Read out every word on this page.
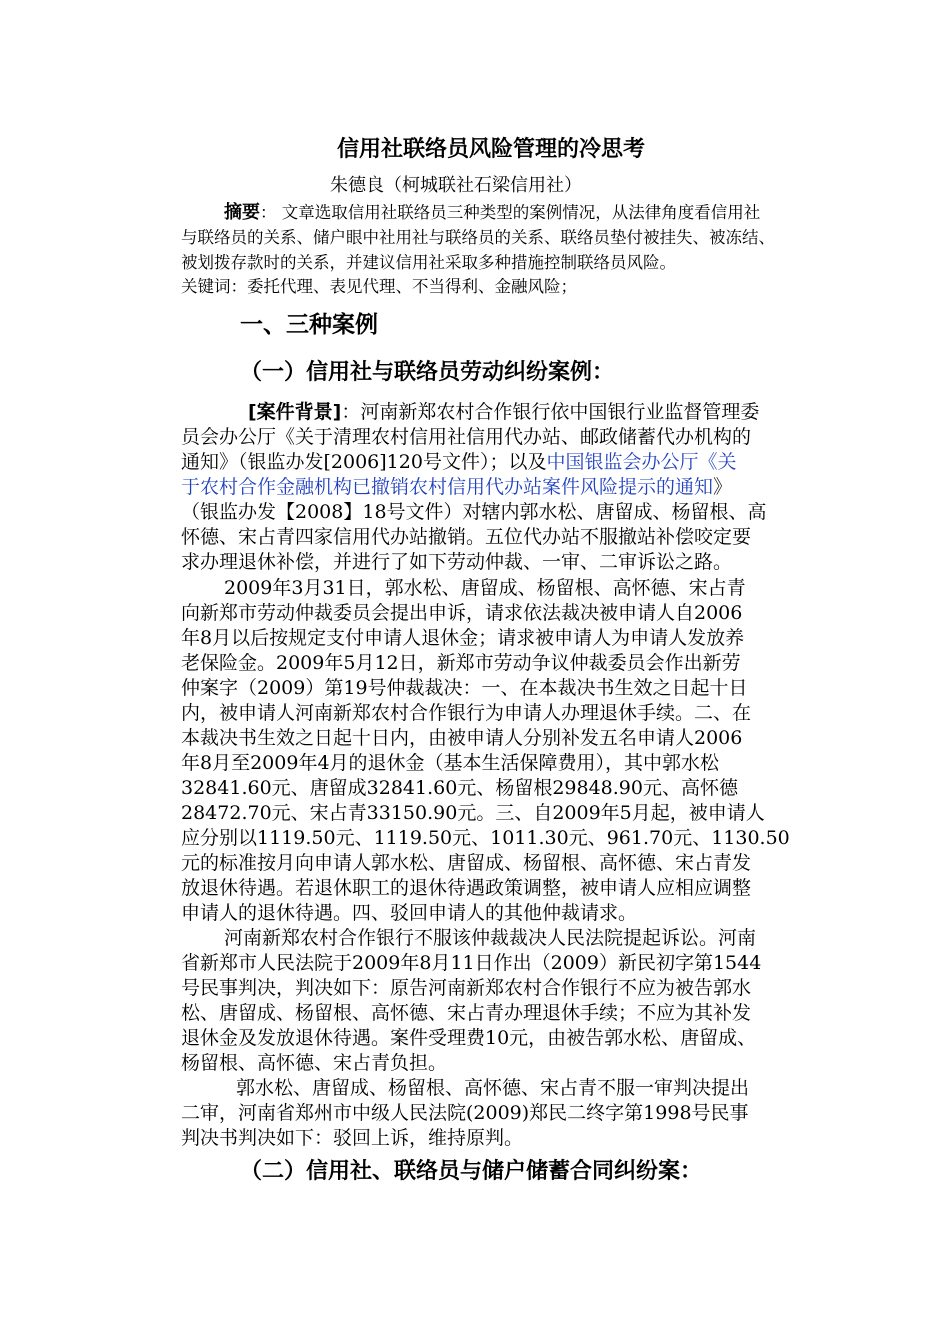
信用社联络员风险管理的冷思考
朱德良（柯城联社石梁信用社）
摘要： 文章选取信用社联络员三种类型的案例情况，从法律角度看信用社
与联络员的关系、储户眼中社用社与联络员的关系、联络员垫付被挂失、被冻结、
被划拨存款时的关系，并建议信用社采取多种措施控制联络员风险。
关键词：委托代理、表见代理、不当得利、金融风险；
一、三种案例
（一）信用社与联络员劳动纠纷案例：
[案件背景]：河南新郑农村合作银行依中国银行业监督管理委
员会办公厅《关于清理农村信用社信用代办站、邮政储蓄代办机构的
通知》（银监办发[2006]120号文件）；以及中国银监会办公厅《关
于农村合作金融机构已撤销农村信用代办站案件风险提示的通知》
（银监办发【2008】18号文件）对辖内郭水松、唐留成、杨留根、高
怀德、宋占青四家信用代办站撤销。五位代办站不服撤站补偿咬定要
求办理退休补偿，并进行了如下劳动仲裁、一审、二审诉讼之路。
2009年3月31日，郭水松、唐留成、杨留根、高怀德、宋占青
向新郑市劳动仲裁委员会提出申诉，请求依法裁决被申请人自2006
年8月以后按规定支付申请人退休金；请求被申请人为申请人发放养
老保险金。2009年5月12日，新郑市劳动争议仲裁委员会作出新劳
仲案字（2009）第19号仲裁裁决：一、在本裁决书生效之日起十日
内，被申请人河南新郑农村合作银行为申请人办理退休手续。二、在
本裁决书生效之日起十日内，由被申请人分别补发五名申请人2006
年8月至2009年4月的退休金（基本生活保障费用），其中郭水松
32841.60元、唐留成32841.60元、杨留根29848.90元、高怀德
28472.70元、宋占青33150.90元。三、自2009年5月起，被申请人
应分别以1119.50元、1119.50元、1011.30元、961.70元、1130.50
元的标准按月向申请人郭水松、唐留成、杨留根、高怀德、宋占青发
放退休待遇。若退休职工的退休待遇政策调整，被申请人应相应调整
申请人的退休待遇。四、驳回申请人的其他仲裁请求。
河南新郑农村合作银行不服该仲裁裁决人民法院提起诉讼。河南
省新郑市人民法院于2009年8月11日作出（2009）新民初字第1544
号民事判决，判决如下：原告河南新郑农村合作银行不应为被告郭水
松、唐留成、杨留根、高怀德、宋占青办理退休手续；不应为其补发
退休金及发放退休待遇。案件受理费10元，由被告郭水松、唐留成、
杨留根、高怀德、宋占青负担。
郭水松、唐留成、杨留根、高怀德、宋占青不服一审判决提出
二审，河南省郑州市中级人民法院(2009)郑民二终字第1998号民事
判决书判决如下：驳回上诉，维持原判。
（二）信用社、联络员与储户储蓄合同纠纷案：
